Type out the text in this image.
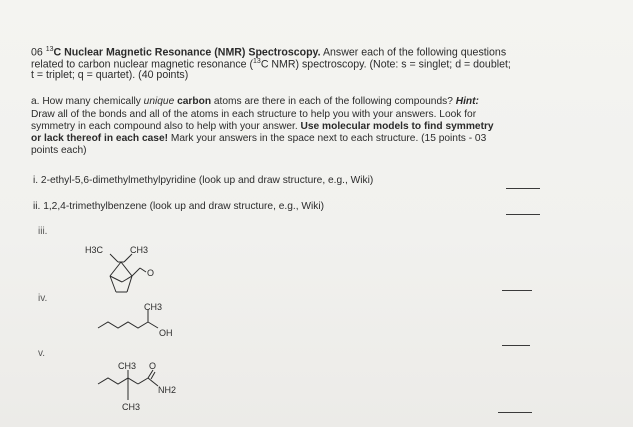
06 $^{13}$C Nuclear Magnetic Resonance (NMR) Spectroscopy. Answer each of the following questions
related to carbon nuclear magnetic resonance ($^{13}$C NMR) spectroscopy. (Note: s = singlet; d = doublet;
t = triplet; q = quartet). (40 points)
a. How many chemically unique carbon atoms are there in each of the following compounds? Hint:
Draw all of the bonds and all of the atoms in each structure to help you with your answers. Look for
symmetry in each compound also to help with your answer. Use molecular models to find symmetry
or lack thereof in each case! Mark your answers in the space next to each structure. (15 points - 03
points each)
i. 2-ethyl-5,6-dimethylmethylpyridine (look up and draw structure, e.g., Wiki)
ii. 1,2,4-trimethylbenzene (look up and draw structure, e.g., Wiki)
iii.
iv.
v.
H3C	CH3
O
CH3
OH
CH3 O
NH2
CH3
